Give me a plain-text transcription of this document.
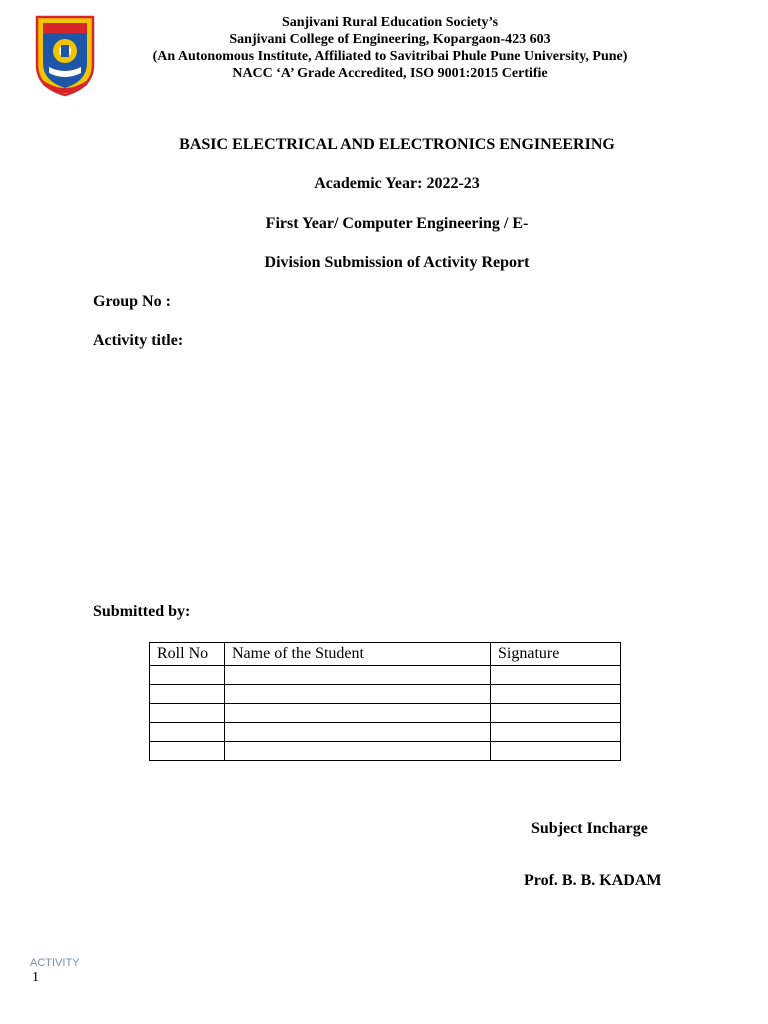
Sanjivani Rural Education Society’s
Sanjivani College of Engineering, Kopargaon-423 603
(An Autonomous Institute, Affiliated to Savitribai Phule Pune University, Pune)
NACC ‘A’ Grade Accredited, ISO 9001:2015 Certifie
BASIC ELECTRICAL AND ELECTRONICS ENGINEERING
Academic Year: 2022-23
First Year/ Computer Engineering / E-
Division Submission of Activity Report
Group No :
Activity title:
Submitted by:
Roll No	Name of the Student	Signature

Subject Incharge
Prof. B. B. KADAM
ACTIVITY
1
